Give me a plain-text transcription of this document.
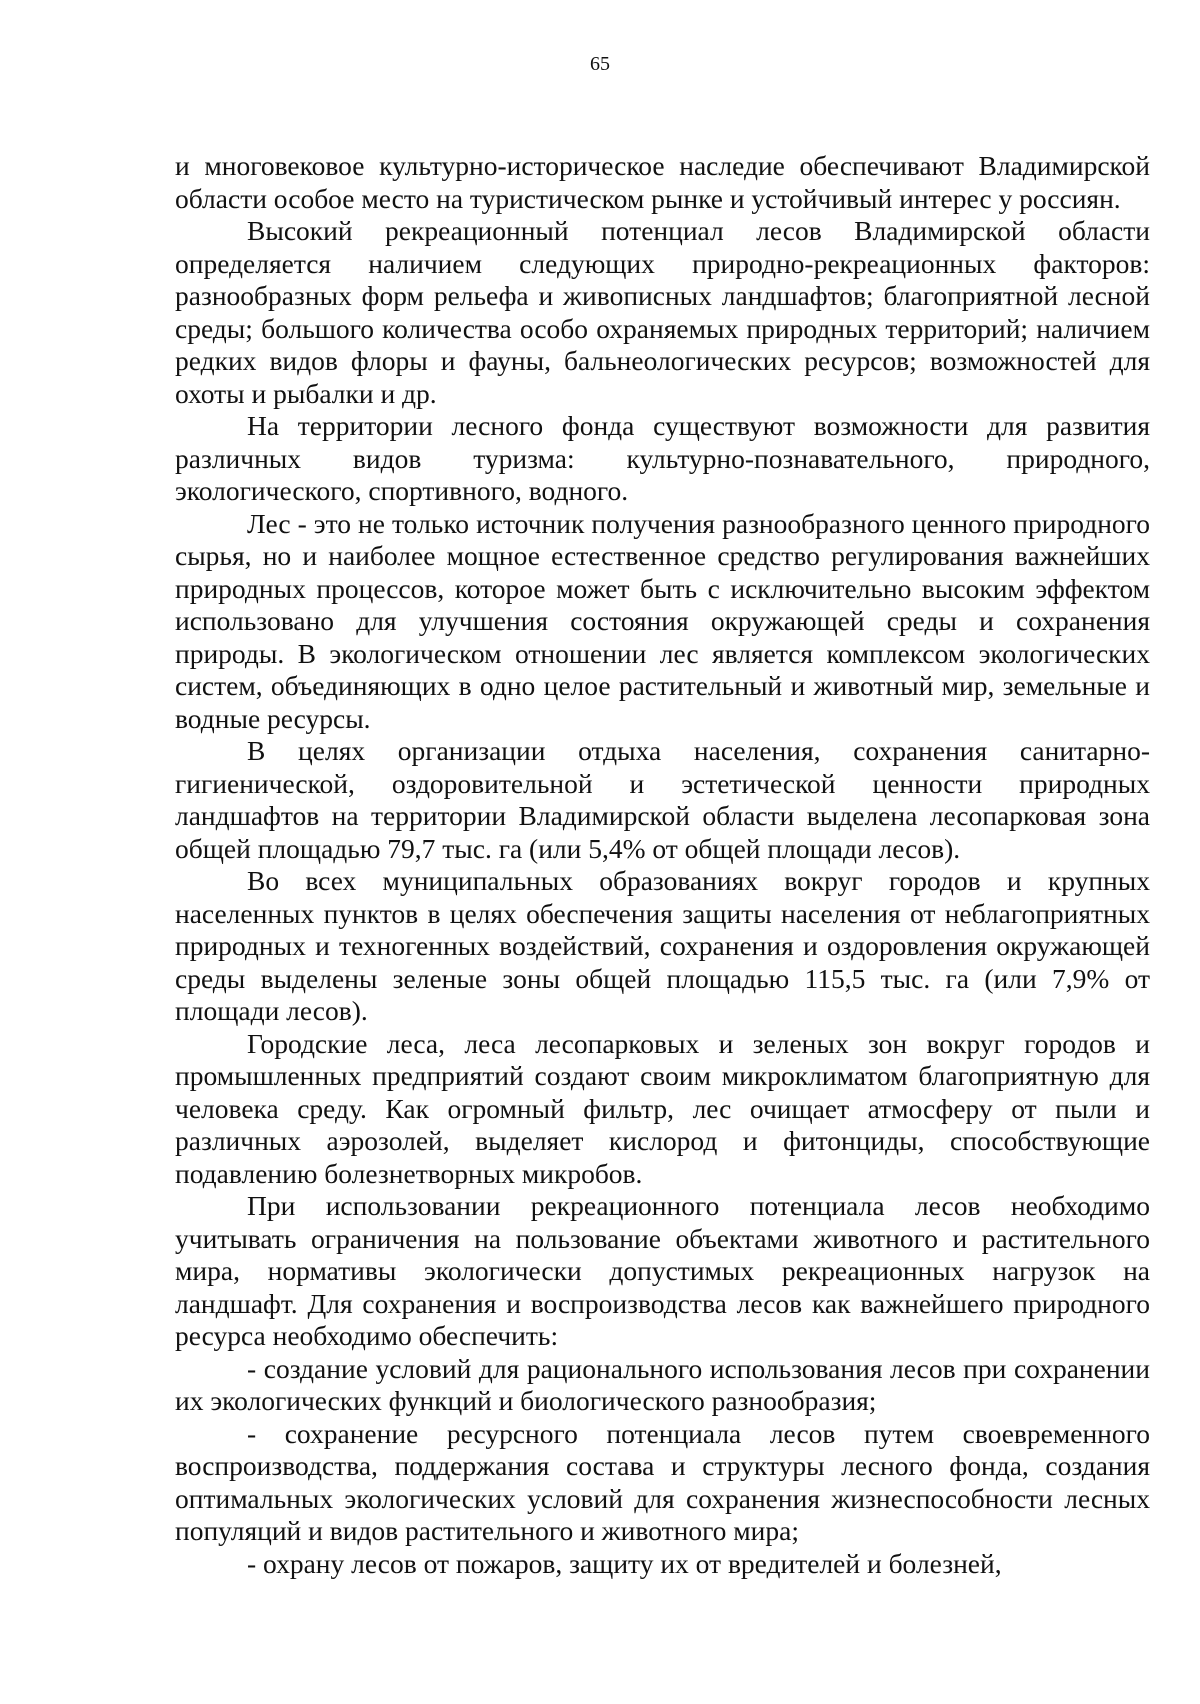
65

и многовековое культурно-историческое наследие обеспечивают Владимирской области особое место на туристическом рынке и устойчивый интерес у россиян.

Высокий рекреационный потенциал лесов Владимирской области определяется наличием следующих природно-рекреационных факторов: разнообразных форм рельефа и живописных ландшафтов; благоприятной лесной среды; большого количества особо охраняемых природных территорий; наличием редких видов флоры и фауны, бальнеологических ресурсов; возможностей для охоты и рыбалки и др.

На территории лесного фонда существуют возможности для развития различных видов туризма: культурно-познавательного, природного, экологического, спортивного, водного.

Лес - это не только источник получения разнообразного ценного природного сырья, но и наиболее мощное естественное средство регулирования важнейших природных процессов, которое может быть с исключительно высоким эффектом использовано для улучшения состояния окружающей среды и сохранения природы. В экологическом отношении лес является комплексом экологических систем, объединяющих в одно целое растительный и животный мир, земельные и водные ресурсы.

В целях организации отдыха населения, сохранения санитарно-гигиенической, оздоровительной и эстетической ценности природных ландшафтов на территории Владимирской области выделена лесопарковая зона общей площадью 79,7 тыс. га (или 5,4% от общей площади лесов).

Во всех муниципальных образованиях вокруг городов и крупных населенных пунктов в целях обеспечения защиты населения от неблагоприятных природных и техногенных воздействий, сохранения и оздоровления окружающей среды выделены зеленые зоны общей площадью 115,5 тыс. га (или 7,9% от площади лесов).

Городские леса, леса лесопарковых и зеленых зон вокруг городов и промышленных предприятий создают своим микроклиматом благоприятную для человека среду. Как огромный фильтр, лес очищает атмосферу от пыли и различных аэрозолей, выделяет кислород и фитонциды, способствующие подавлению болезнетворных микробов.

При использовании рекреационного потенциала лесов необходимо учитывать ограничения на пользование объектами животного и растительного мира, нормативы экологически допустимых рекреационных нагрузок на ландшафт. Для сохранения и воспроизводства лесов как важнейшего природного ресурса необходимо обеспечить:

- создание условий для рационального использования лесов при сохранении их экологических функций и биологического разнообразия;

- сохранение ресурсного потенциала лесов путем своевременного воспроизводства, поддержания состава и структуры лесного фонда, создания оптимальных экологических условий для сохранения жизнеспособности лесных популяций и видов растительного и животного мира;

- охрану лесов от пожаров, защиту их от вредителей и болезней,
